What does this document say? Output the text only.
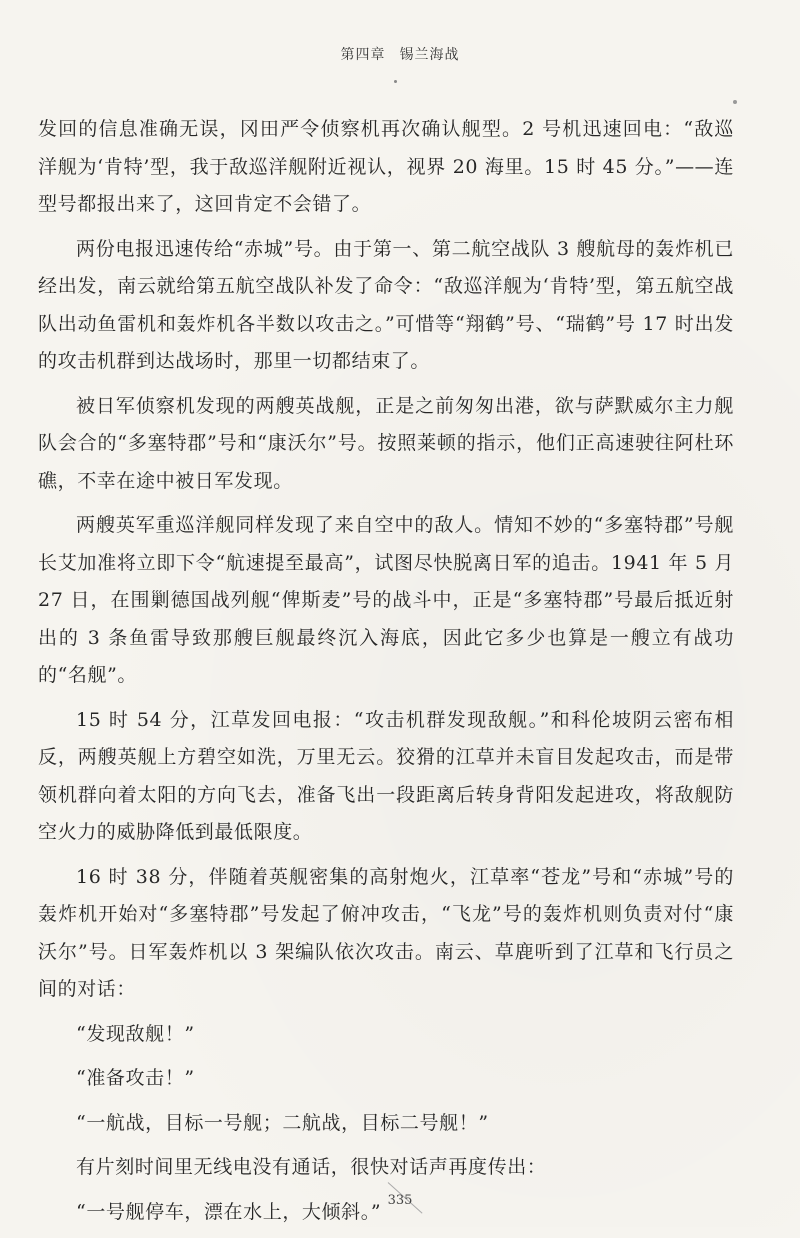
第四章 锡兰海战

发回的信息准确无误，冈田严令侦察机再次确认舰型。2 号机迅速回电：“敌巡洋舰为‘肯特’型，我于敌巡洋舰附近视认，视界 20 海里。15 时 45 分。”——连型号都报出来了，这回肯定不会错了。

两份电报迅速传给“赤城”号。由于第一、第二航空战队 3 艘航母的轰炸机已经出发，南云就给第五航空战队补发了命令：“敌巡洋舰为‘肯特’型，第五航空战队出动鱼雷机和轰炸机各半数以攻击之。”可惜等“翔鹤”号、“瑞鹤”号 17 时出发的攻击机群到达战场时，那里一切都结束了。

被日军侦察机发现的两艘英战舰，正是之前匆匆出港，欲与萨默威尔主力舰队会合的“多塞特郡”号和“康沃尔”号。按照莱顿的指示，他们正高速驶往阿杜环礁，不幸在途中被日军发现。

两艘英军重巡洋舰同样发现了来自空中的敌人。情知不妙的“多塞特郡”号舰长艾加准将立即下令“航速提至最高”，试图尽快脱离日军的追击。1941 年 5 月 27 日，在围剿德国战列舰“俾斯麦”号的战斗中，正是“多塞特郡”号最后抵近射出的 3 条鱼雷导致那艘巨舰最终沉入海底，因此它多少也算是一艘立有战功的“名舰”。

15 时 54 分，江草发回电报：“攻击机群发现敌舰。”和科伦坡阴云密布相反，两艘英舰上方碧空如洗，万里无云。狡猾的江草并未盲目发起攻击，而是带领机群向着太阳的方向飞去，准备飞出一段距离后转身背阳发起进攻，将敌舰防空火力的威胁降低到最低限度。

16 时 38 分，伴随着英舰密集的高射炮火，江草率“苍龙”号和“赤城”号的轰炸机开始对“多塞特郡”号发起了俯冲攻击，“飞龙”号的轰炸机则负责对付“康沃尔”号。日军轰炸机以 3 架编队依次攻击。南云、草鹿听到了江草和飞行员之间的对话：

“发现敌舰！”

“准备攻击！”

“一航战，目标一号舰；二航战，目标二号舰！”

有片刻时间里无线电没有通话，很快对话声再度传出：

“一号舰停车，漂在水上，大倾斜。” 335
